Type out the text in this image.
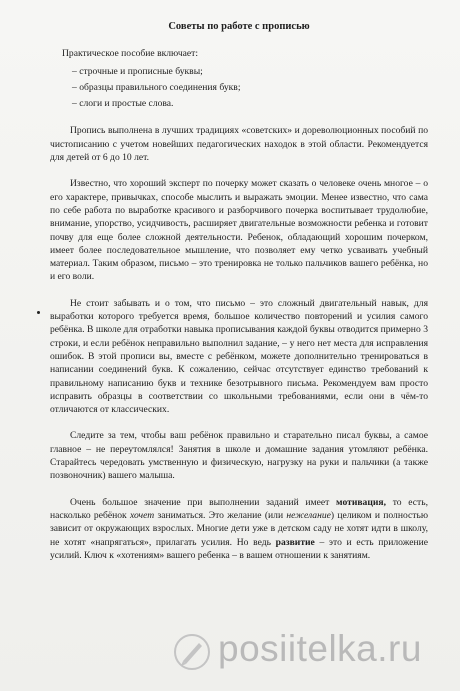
Советы по работе с прописью
Практическое пособие включает:
– строчные и прописные буквы;
– образцы правильного соединения букв;
– слоги и простые слова.

Пропись выполнена в лучших традициях «советских» и дореволюционных пособий по чистописанию с учетом новейших педагогических находок в этой области. Рекомендуется для детей от 6 до 10 лет.

Известно, что хороший эксперт по почерку может сказать о человеке очень многое – о его характере, привычках, способе мыслить и выражать эмоции. Менее известно, что сама по себе работа по выработке красивого и разборчивого почерка воспитывает трудолюбие, внимание, упорство, усидчивость, расширяет двигательные возможности ребенка и готовит почву для еще более сложной деятельности. Ребенок, обладающий хорошим почерком, имеет более последовательное мышление, что позволяет ему четко усваивать учебный материал. Таким образом, письмо – это тренировка не только пальчиков вашего ребёнка, но и его воли.

Не стоит забывать и о том, что письмо – это сложный двигательный навык, для выработки которого требуется время, большое количество повторений и усилия самого ребёнка. В школе для отработки навыка прописывания каждой буквы отводится примерно 3 строки, и если ребёнок неправильно выполнил задание, – у него нет места для исправления ошибок. В этой прописи вы, вместе с ребёнком, можете дополнительно тренироваться в написании соединений букв. К сожалению, сейчас отсутствует единство требований к правильному написанию букв и технике безотрывного письма. Рекомендуем вам просто исправить образцы в соответствии со школьными требованиями, если они в чём-то отличаются от классических.

Следите за тем, чтобы ваш ребёнок правильно и старательно писал буквы, а самое главное – не переутомлялся! Занятия в школе и домашние задания утомляют ребёнка. Старайтесь чередовать умственную и физическую, нагрузку на руки и пальчики (а также позвоночник) вашего малыша.

Очень большое значение при выполнении заданий имеет мотивация, то есть, насколько ребёнок хочет заниматься. Это желание (или нежелание) целиком и полностью зависит от окружающих взрослых. Многие дети уже в детском саду не хотят идти в школу, не хотят «напрягаться», прилагать усилия. Но ведь развитие – это и есть приложение усилий. Ключ к «хотениям» вашего ребенка – в вашем отношении к занятиям.

posiitelka.ru
